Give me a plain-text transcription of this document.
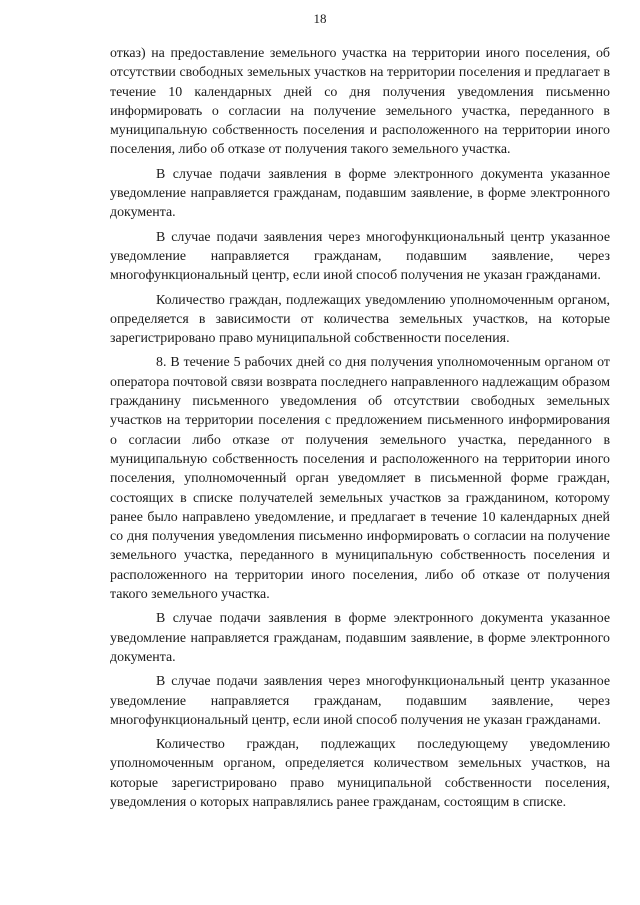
18

отказ) на предоставление земельного участка на территории иного поселения, об отсутствии свободных земельных участков на территории поселения и предлагает в течение 10 календарных дней со дня получения уведомления письменно информировать о согласии на получение земельного участка, переданного в муниципальную собственность поселения и расположенного на территории иного поселения, либо об отказе от получения такого земельного участка.

В случае подачи заявления в форме электронного документа указанное уведомление направляется гражданам, подавшим заявление, в форме электронного документа.

В случае подачи заявления через многофункциональный центр указанное уведомление направляется гражданам, подавшим заявление, через многофункциональный центр, если иной способ получения не указан гражданами.

Количество граждан, подлежащих уведомлению уполномоченным органом, определяется в зависимости от количества земельных участков, на которые зарегистрировано право муниципальной собственности поселения.

8. В течение 5 рабочих дней со дня получения уполномоченным органом от оператора почтовой связи возврата последнего направленного надлежащим образом гражданину письменного уведомления об отсутствии свободных земельных участков на территории поселения с предложением письменного информирования о согласии либо отказе от получения земельного участка, переданного в муниципальную собственность поселения и расположенного на территории иного поселения, уполномоченный орган уведомляет в письменной форме граждан, состоящих в списке получателей земельных участков за гражданином, которому ранее было направлено уведомление, и предлагает в течение 10 календарных дней со дня получения уведомления письменно информировать о согласии на получение земельного участка, переданного в муниципальную собственность поселения и расположенного на территории иного поселения, либо об отказе от получения такого земельного участка.

В случае подачи заявления в форме электронного документа указанное уведомление направляется гражданам, подавшим заявление, в форме электронного документа.

В случае подачи заявления через многофункциональный центр указанное уведомление направляется гражданам, подавшим заявление, через многофункциональный центр, если иной способ получения не указан гражданами.

Количество граждан, подлежащих последующему уведомлению уполномоченным органом, определяется количеством земельных участков, на которые зарегистрировано право муниципальной собственности поселения, уведомления о которых направлялись ранее гражданам, состоящим в списке.
